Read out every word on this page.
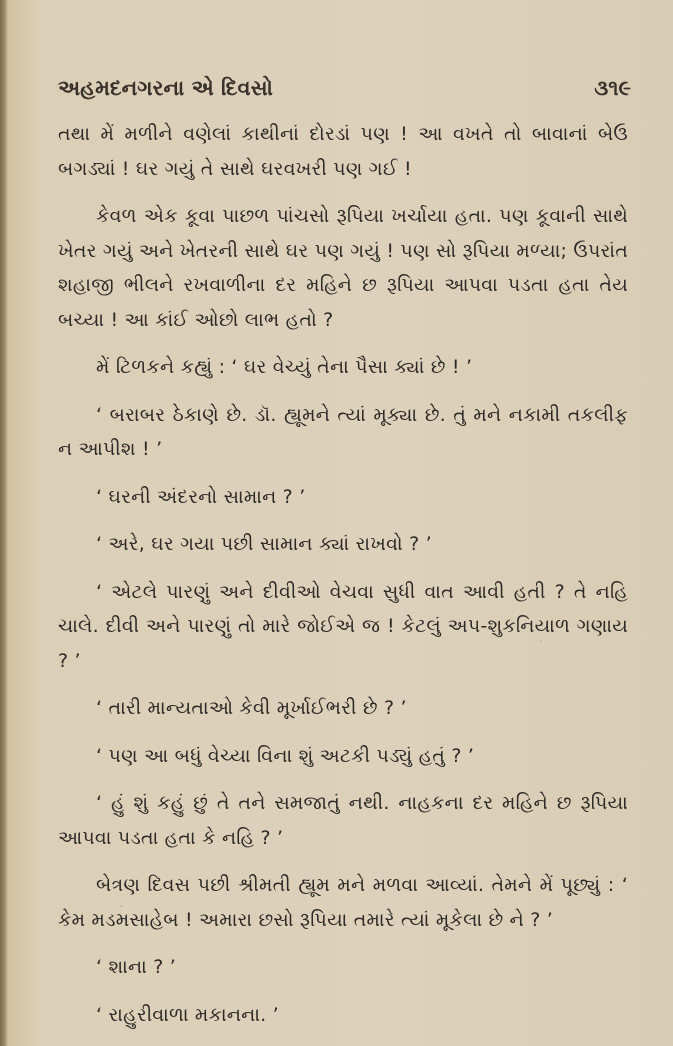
અહમદનગરના એ દિવસો	૩૧૯

તથા મેં મળીને વણેલાં કાથીનાં દોરડાં પણ ! આ વખતે તો બાવાનાં બેઉ બગડ્યાં ! ઘર ગયું તે સાથે ઘરવખરી પણ ગઈ !

કેવળ એક કૂવા પાછળ પાંચસો રૂપિયા ખર્ચાયા હતા. પણ કૂવાની સાથે ખેતર ગયું અને ખેતરની સાથે ઘર પણ ગયું ! પણ સો રૂપિયા મળ્યા; ઉપરાંત શહાજી ભીલને રખવાળીના દર મહિને છ રૂપિયા આપવા પડતા હતા તેય બચ્યા ! આ કાંઈ ઓછો લાભ હતો ?

મેં ટિળકને કહ્યું : ‘ ઘર વેચ્યું તેના પૈસા ક્યાં છે ! ’

‘ બરાબર ઠેકાણે છે. ડૉ. હ્યૂમને ત્યાં મૂક્યા છે. તું મને નકામી તકલીફ ન આપીશ ! ’

‘ ઘરની અંદરનો સામાન ? ’

‘ અરે, ઘર ગયા પછી સામાન ક્યાં રાખવો ? ’

‘ એટલે પારણું અને દીવીઓ વેચવા સુધી વાત આવી હતી ? તે નહિ ચાલે. દીવી અને પારણું તો મારે જોઈએ જ ! કેટલું અપ-શુકનિયાળ ગણાય ? ’

‘ તારી માન્યતાઓ કેવી મૂર્ખાઈભરી છે ? ’

‘ પણ આ બધું વેચ્યા વિના શું અટકી પડ્યું હતું ? ’

‘ હું શું કહું છું તે તને સમજાતું નથી. નાહકના દર મહિને છ રૂપિયા આપવા પડતા હતા કે નહિ ? ’

બેત્રણ દિવસ પછી શ્રીમતી હ્યૂમ મને મળવા આવ્યાં. તેમને મેં પૂછ્યું : ‘ કેમ મડમસાહેબ ! અમારા છસો રૂપિયા તમારે ત્યાં મૂકેલા છે ને ? ’

‘ શાના ? ’

‘ રાહુરીવાળા મકાનના. ’
